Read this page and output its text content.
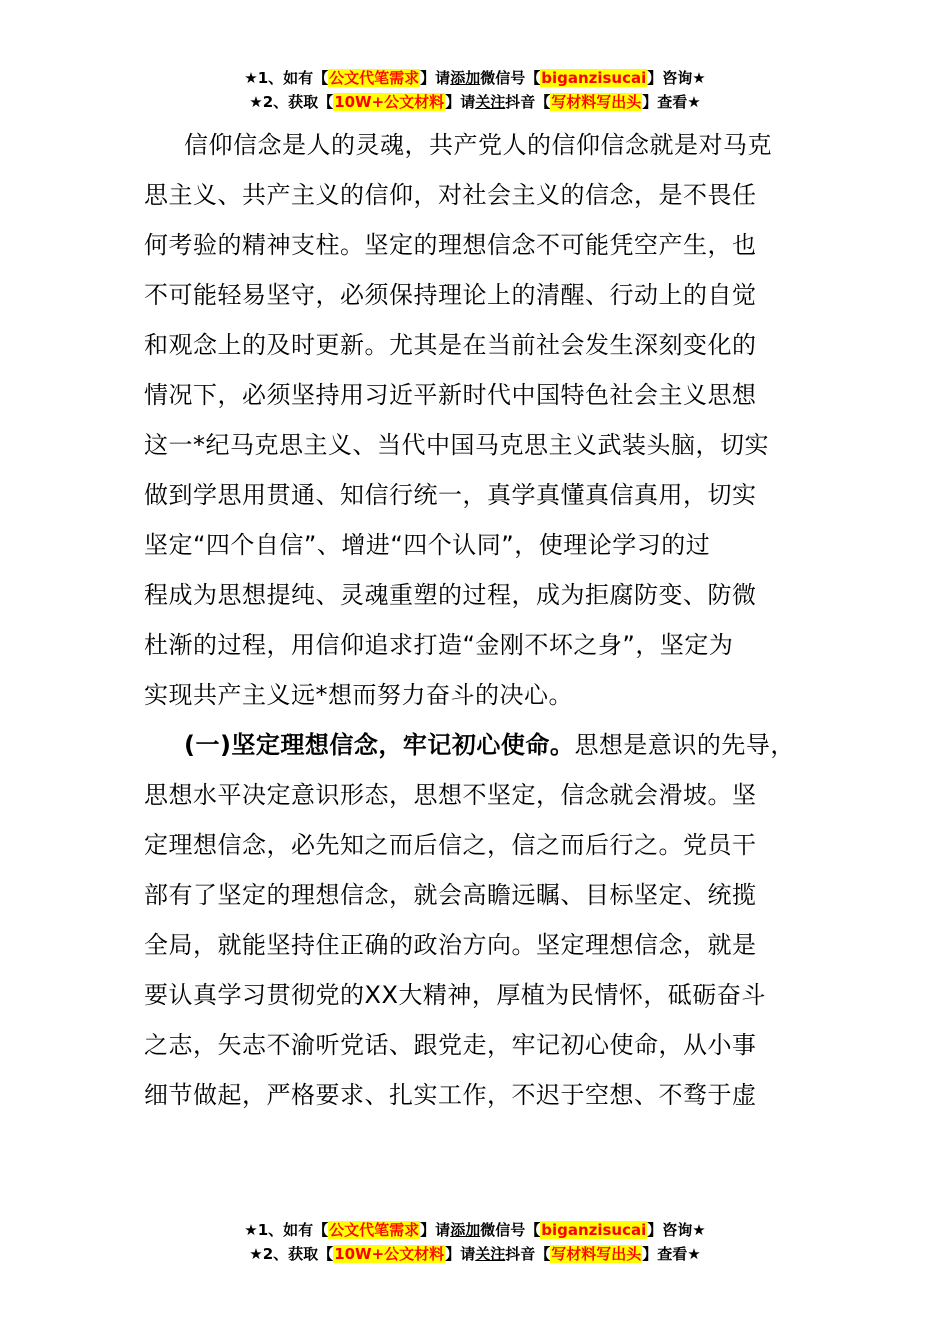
★1、如有【公文代笔需求】请添加微信号【biganzisucai】咨询★
★2、获取【10W+公文材料】请关注抖音【写材料写出头】查看★
信仰信念是人的灵魂，共产党人的信仰信念就是对马克
思主义、共产主义的信仰，对社会主义的信念，是不畏任
何考验的精神支柱。坚定的理想信念不可能凭空产生，也
不可能轻易坚守，必须保持理论上的清醒、行动上的自觉
和观念上的及时更新。尤其是在当前社会发生深刻变化的
情况下，必须坚持用习近平新时代中国特色社会主义思想
这一*纪马克思主义、当代中国马克思主义武装头脑，切实
做到学思用贯通、知信行统一，真学真懂真信真用，切实
坚定“四个自信”、增进“四个认同”，使理论学习的过
程成为思想提纯、灵魂重塑的过程，成为拒腐防变、防微
杜渐的过程，用信仰追求打造“金刚不坏之身”，坚定为
实现共产主义远*想而努力奋斗的决心。
(一)坚定理想信念，牢记初心使命。思想是意识的先导，
思想水平决定意识形态，思想不坚定，信念就会滑坡。坚
定理想信念，必先知之而后信之，信之而后行之。党员干
部有了坚定的理想信念，就会高瞻远瞩、目标坚定、统揽
全局，就能坚持住正确的政治方向。坚定理想信念，就是
要认真学习贯彻党的XX大精神，厚植为民情怀，砥砺奋斗
之志，矢志不渝听党话、跟党走，牢记初心使命，从小事
细节做起，严格要求、扎实工作，不迟于空想、不骛于虚
★1、如有【公文代笔需求】请添加微信号【biganzisucai】咨询★
★2、获取【10W+公文材料】请关注抖音【写材料写出头】查看★
